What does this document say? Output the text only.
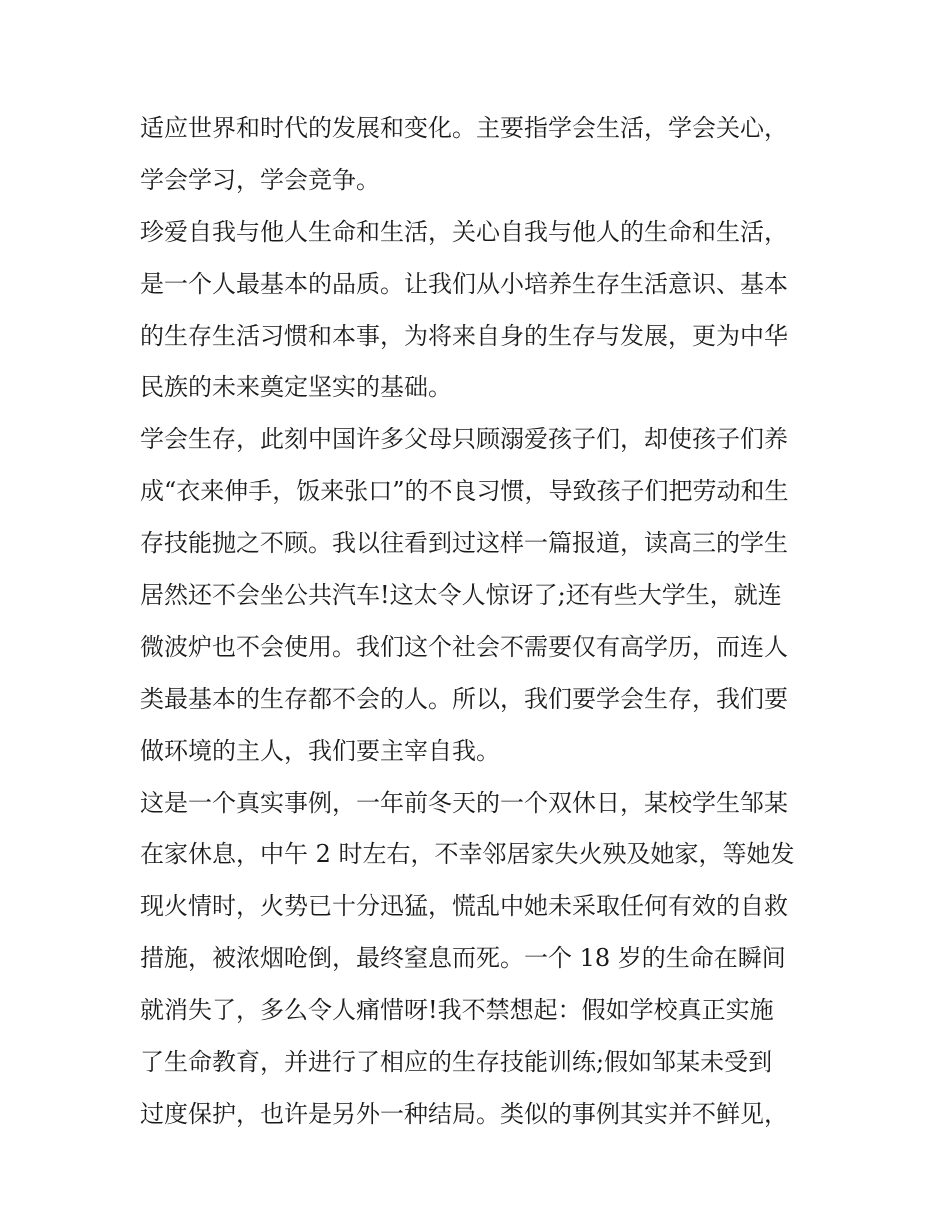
适应世界和时代的发展和变化。主要指学会生活，学会关心，
学会学习，学会竞争。
珍爱自我与他人生命和生活，关心自我与他人的生命和生活，
是一个人最基本的品质。让我们从小培养生存生活意识、基本
的生存生活习惯和本事，为将来自身的生存与发展，更为中华
民族的未来奠定坚实的基础。
学会生存，此刻中国许多父母只顾溺爱孩子们，却使孩子们养
成“衣来伸手，饭来张口”的不良习惯，导致孩子们把劳动和生
存技能抛之不顾。我以往看到过这样一篇报道，读高三的学生
居然还不会坐公共汽车!这太令人惊讶了;还有些大学生，就连
微波炉也不会使用。我们这个社会不需要仅有高学历，而连人
类最基本的生存都不会的人。所以，我们要学会生存，我们要
做环境的主人，我们要主宰自我。
这是一个真实事例，一年前冬天的一个双休日，某校学生邹某
在家休息，中午 2 时左右，不幸邻居家失火殃及她家，等她发
现火情时，火势已十分迅猛，慌乱中她未采取任何有效的自救
措施，被浓烟呛倒，最终窒息而死。一个 18 岁的生命在瞬间
就消失了，多么令人痛惜呀!我不禁想起：假如学校真正实施
了生命教育，并进行了相应的生存技能训练;假如邹某未受到
过度保护，也许是另外一种结局。类似的事例其实并不鲜见，
